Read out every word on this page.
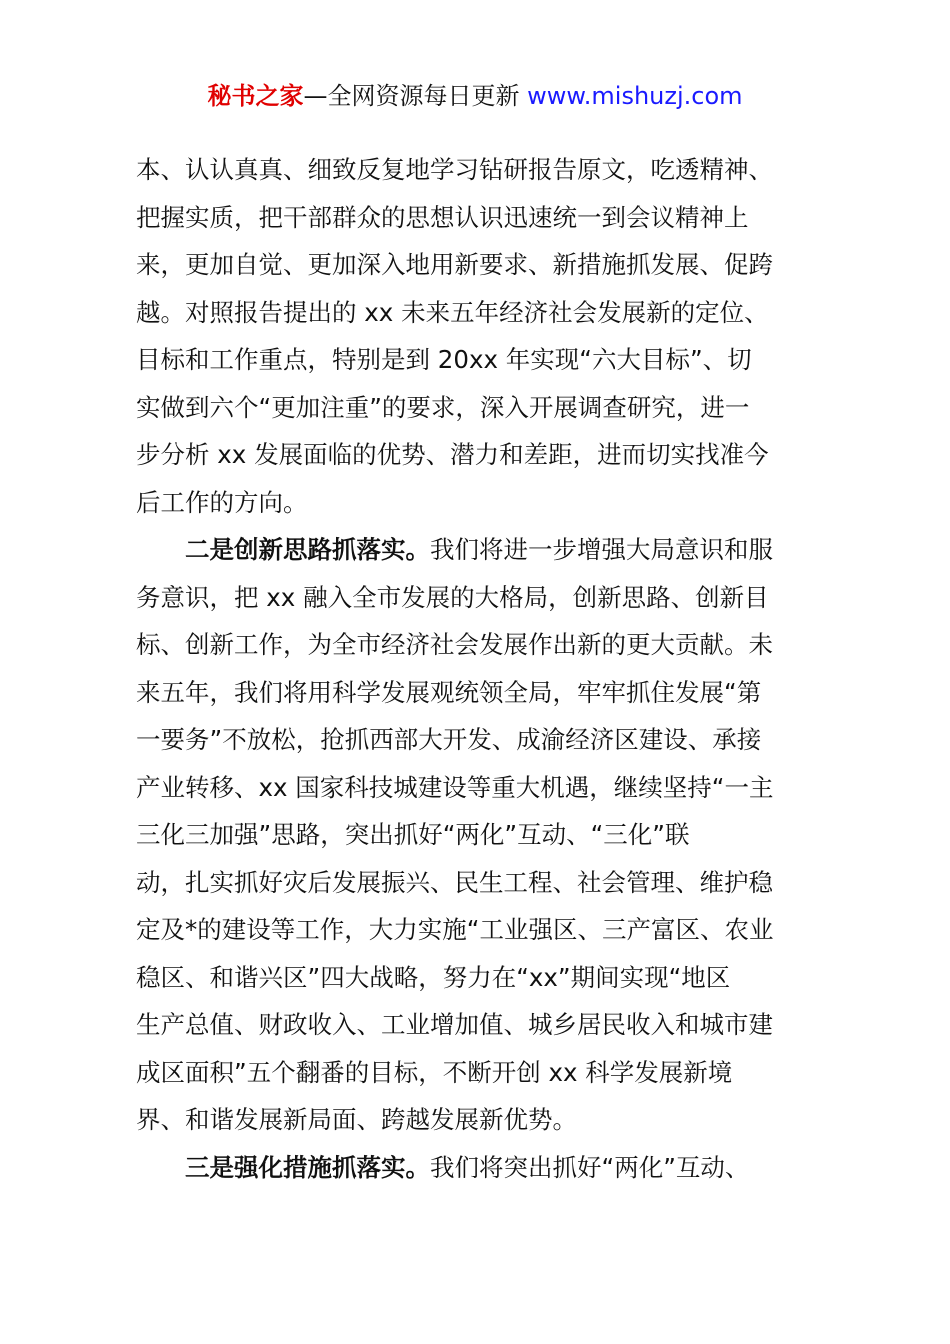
秘书之家—全网资源每日更新 www.mishuzj.com
本、认认真真、细致反复地学习钻研报告原文，吃透精神、
把握实质，把干部群众的思想认识迅速统一到会议精神上
来，更加自觉、更加深入地用新要求、新措施抓发展、促跨
越。对照报告提出的 xx 未来五年经济社会发展新的定位、
目标和工作重点，特别是到 20xx 年实现“六大目标”、切
实做到六个“更加注重”的要求，深入开展调查研究，进一
步分析 xx 发展面临的优势、潜力和差距，进而切实找准今
后工作的方向。
二是创新思路抓落实。我们将进一步增强大局意识和服
务意识，把 xx 融入全市发展的大格局，创新思路、创新目
标、创新工作，为全市经济社会发展作出新的更大贡献。未
来五年，我们将用科学发展观统领全局，牢牢抓住发展“第
一要务”不放松，抢抓西部大开发、成渝经济区建设、承接
产业转移、xx 国家科技城建设等重大机遇，继续坚持“一主
三化三加强”思路，突出抓好“两化”互动、“三化”联
动，扎实抓好灾后发展振兴、民生工程、社会管理、维护稳
定及*的建设等工作，大力实施“工业强区、三产富区、农业
稳区、和谐兴区”四大战略，努力在“xx”期间实现“地区
生产总值、财政收入、工业增加值、城乡居民收入和城市建
成区面积”五个翻番的目标，不断开创 xx 科学发展新境
界、和谐发展新局面、跨越发展新优势。
三是强化措施抓落实。我们将突出抓好“两化”互动、
